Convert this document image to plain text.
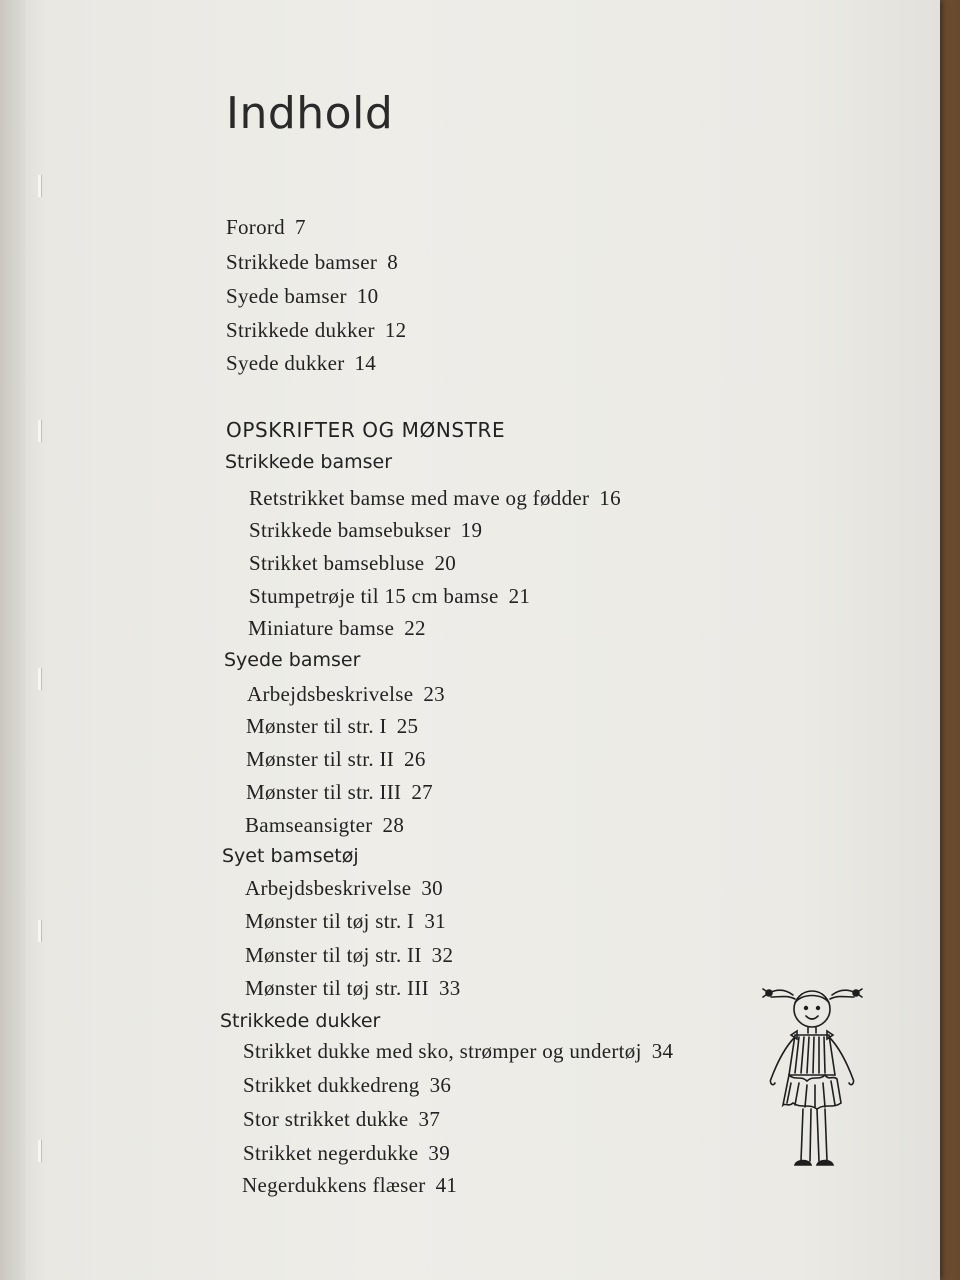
Indhold
Forord 7
Strikkede bamser 8
Syede bamser 10
Strikkede dukker 12
Syede dukker 14
OPSKRIFTER OG MØNSTRE
Strikkede bamser
Retstrikket bamse med mave og fødder 16
Strikkede bamsebukser 19
Strikket bamsebluse 20
Stumpetrøje til 15 cm bamse 21
Miniature bamse 22
Syede bamser
Arbejdsbeskrivelse 23
Mønster til str. I 25
Mønster til str. II 26
Mønster til str. III 27
Bamseansigter 28
Syet bamsetøj
Arbejdsbeskrivelse 30
Mønster til tøj str. I 31
Mønster til tøj str. II 32
Mønster til tøj str. III 33
Strikkede dukker
Strikket dukke med sko, strømper og undertøj 34
Strikket dukkedreng 36
Stor strikket dukke 37
Strikket negerdukke 39
Negerdukkens flæser 41
